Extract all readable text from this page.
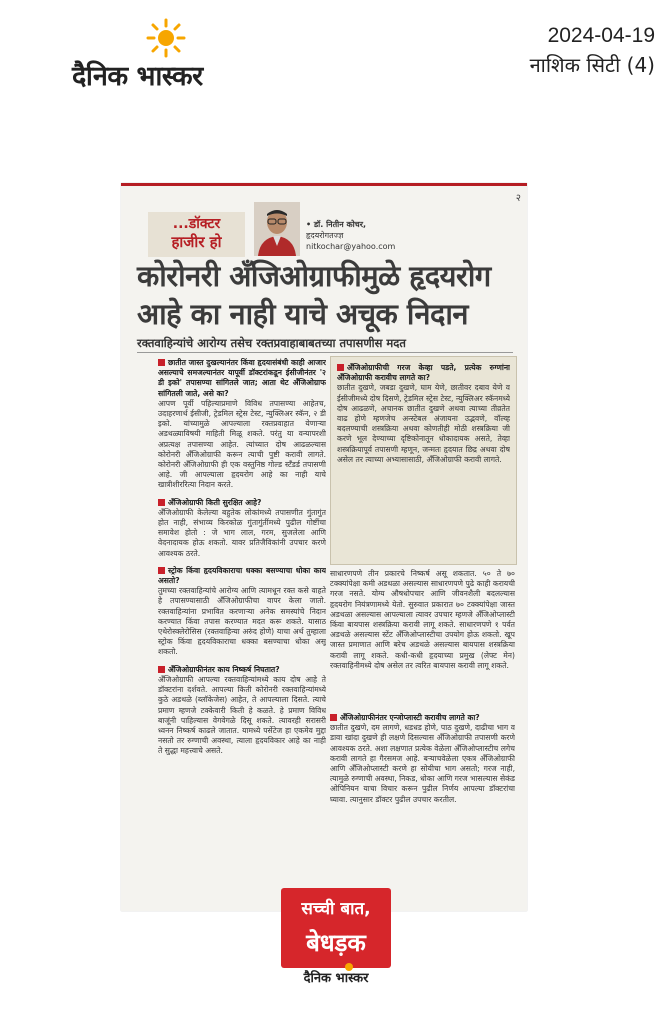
दैनिक भास्कर
2024-04-19
नाशिक सिटी (4)
२
...डॉक्टर
हाजीर हो
• डॉ. नितीन कोचर,
हृदयरोगतज्ज्ञ
nitkochar@yahoo.com
कोरोनरी अँजिओग्राफीमुळे हृदयरोग
आहे का नाही याचे अचूक निदान
रक्तवाहिन्यांचे आरोग्य तसेच रक्तप्रवाहाबाबतच्या तपासणीस मदत
छातीत जास्त दुखल्यानंतर किंवा हृदयासंबंधी काही आजार असल्याचे समजल्यानंतर यापूर्वी डॉक्टरांकडून ईसीजीनंतर '२ डी इको' तपासण्या सांगितले जात; आता थेट अँजिओग्राफ सांगितली जाते, असे का?

आपण पूर्वी पहिल्याप्रमाणे विविध तपासण्या आहेतच, उदाहरणार्थ ईसीजी, ट्रेडमिल स्ट्रेस टेस्ट, न्युक्लिअर स्कॅन, २ डी इको. यांच्यामुळे आपल्याला रक्तप्रवाहात येणाऱ्या अडथळ्याविषयी माहिती मिळू शकते. परंतु या वन्यापरशी अप्रत्यक्ष तपासण्या आहेत. त्यांच्यात दोष आढळल्यास कोरोनरी अँजिओग्राफी करून त्याची पुष्टी करावी लागते. कोरोनरी अँजिओग्राफी ही एक वस्तुनिष्ठ गोल्ड स्टँडर्ड तपासणी आहे. जी आपल्याला हृदयरोग आहे का नाही याचे खात्रीशीररित्या निदान करते.

अँजिओग्राफी किती सुरक्षित आहे?

अँजिओग्राफी केलेल्या बहुतेक लोकांमध्ये तपासणीत गुंतागुंत होत नाही, संभाव्य किरकोळ गुंतागुंतींमध्ये पुढील गोष्टींचा समावेश होतो : जे भाग लाल, गरम, सुजलेला आणि वेदनादायक होऊ शकतो. यावर प्रतिजैविकांनी उपचार करणे आवश्यक ठरते.

स्ट्रोक किंवा हृदयविकाराचा धक्का बसण्याचा धोका काय असतो?

तुमच्या रक्तवाहिन्यांचे आरोग्य आणि त्यामधून रक्त कसे वाहते हे तपासण्यासाठी अँजिओग्राफीचा वापर केला जातो. रक्तवाहिन्यांना प्रभावित करणाऱ्या अनेक समस्यांचे निदान करण्यात किंवा तपास करण्यात मदत करू शकते. यासाठ एथेरोस्क्लेरोसिस (रक्तवाहिन्या अरुंद होणे) याचा अर्थ तुम्हाला स्ट्रोक किंवा हृदयविकाराचा धक्का बसण्याचा धोका असू शकतो.

अँजिओग्राफीनंतर काय निष्कर्ष निघतात?

अँजिओग्राफी आपल्या रक्तवाहिन्यांमध्ये काय दोष आहे ते डॉक्टरांना दर्शवते. आपल्या किती कोरोनरी रक्तवाहिन्यांमध्ये कुठे अडथळे (ब्लॉकेजेस) आहेत, ते आपल्याला दिसते. त्याचे प्रमाण म्हणजे टक्केवारी किती हे कळते. हे प्रमाण विविध बाजूंनी पाहिल्यास वेगवेगळे दिसू शकते. त्यावरही सरासरी ध्वनन निष्कर्ष काढले जातात. यामध्ये पर्सेटेज हा एकमेव मुद्दा नसतो तर रुग्णाची अवस्था, त्याला हृदयविकार आहे का नाही ते सुद्धा महत्त्वाचे असते.

अँजिओग्राफीची गरज केव्हा पडते, प्रत्येक रुग्णांना अँजिओग्राफी करावीच लागते का?

छातीत दुखणे, जबडा दुखणे, घाम येणे, छातीवर दबाव येणे व ईसीजीमध्ये दोष दिसणे, ट्रेडमिल स्ट्रेस टेस्ट, न्युक्लिअर स्कॅनमध्ये दोष आढळणे, अचानक छातीत दुखणे अथवा त्याच्या तीव्रतेत वाढ होणे म्हणजेच अन्स्टेबल अंजायना उद्भवणे, वॉल्व्ह बदलण्याची शस्त्रक्रिया अथवा कोणतीही मोठी शस्त्रक्रिया जी करणे भूल देण्याच्या दृष्टिकोनातून धोकादायक असते, तेव्हा शस्त्रक्रियापूर्व तपासणी म्हणून, जन्मतः हृदयात छिद्र अथवा दोष असेल तर त्याच्या अभ्यासासाठी, अँजिओग्राफी करावी लागते.

साधारणपणे तीन प्रकारचे निष्कर्ष असू शकतात. ५० ते ७० टक्क्यांपेक्षा कमी अडथळा असल्यास साधारणपणे पुढे काही करायची गरज नसते. योग्य औषधोपचार आणि जीवनशैली बदलल्यास हृदयरोग नियंत्रणामध्ये येतो. सुरुवात प्रकारात ७० टक्क्यांपेक्षा जास्त अडथळा असल्यास आपल्याला त्यावर उपचार म्हणजे अँजिओप्लास्टी किंवा बायपास शस्त्रक्रिया करावी लागू शकते. साधारणपणे १ पर्वत अडथळे असल्यास स्टेंट अँजिओप्लास्टीचा उपयोग होऊ शकतो. खूप जास्त प्रमाणात आणि बरेच अडथळे असल्यास बायपास शस्त्रक्रिया करावी लागू शकते. कधी-कधी हृदयाच्या प्रमुख (लेफ्ट मेन) रक्तवाहिनीमध्ये दोष असेल तर त्वरित बायपास करावी लागू शकते.

अँजिओग्राफीनंतर एन्जोप्लास्टी करावीच लागते का?

छातीत दुखणे, दम लागणे, धडधड होणे, पाठ दुखणे, दाढीचा भाग व डावा खांदा दुखणे ही लक्षणे दिसल्यास अँजिओग्राफी तपासणी करणे आवश्यक ठरते. अशा लक्षणात प्रत्येक वेळेला अँजिओप्लास्टीच लगेच करावी लागते हा गैरसमज आहे. बऱ्याचवेळेला एकत्र अँजिओग्राफी आणि अँजिओप्लास्टी करणे हा सोयीचा भाग असतो; गरज नाही, त्यामुळे रुग्णाची अवस्था, निकड, धोका आणि गरज भासल्यास सेकंड ओपिनियन याचा विचार करून पुढील निर्णय आपल्या डॉक्टरांचा घ्यावा. त्यानुसार डॉक्टर पुढील उपचार करतील.

सच्ची बात,
बेधड़क
दैनिक भास्कर
